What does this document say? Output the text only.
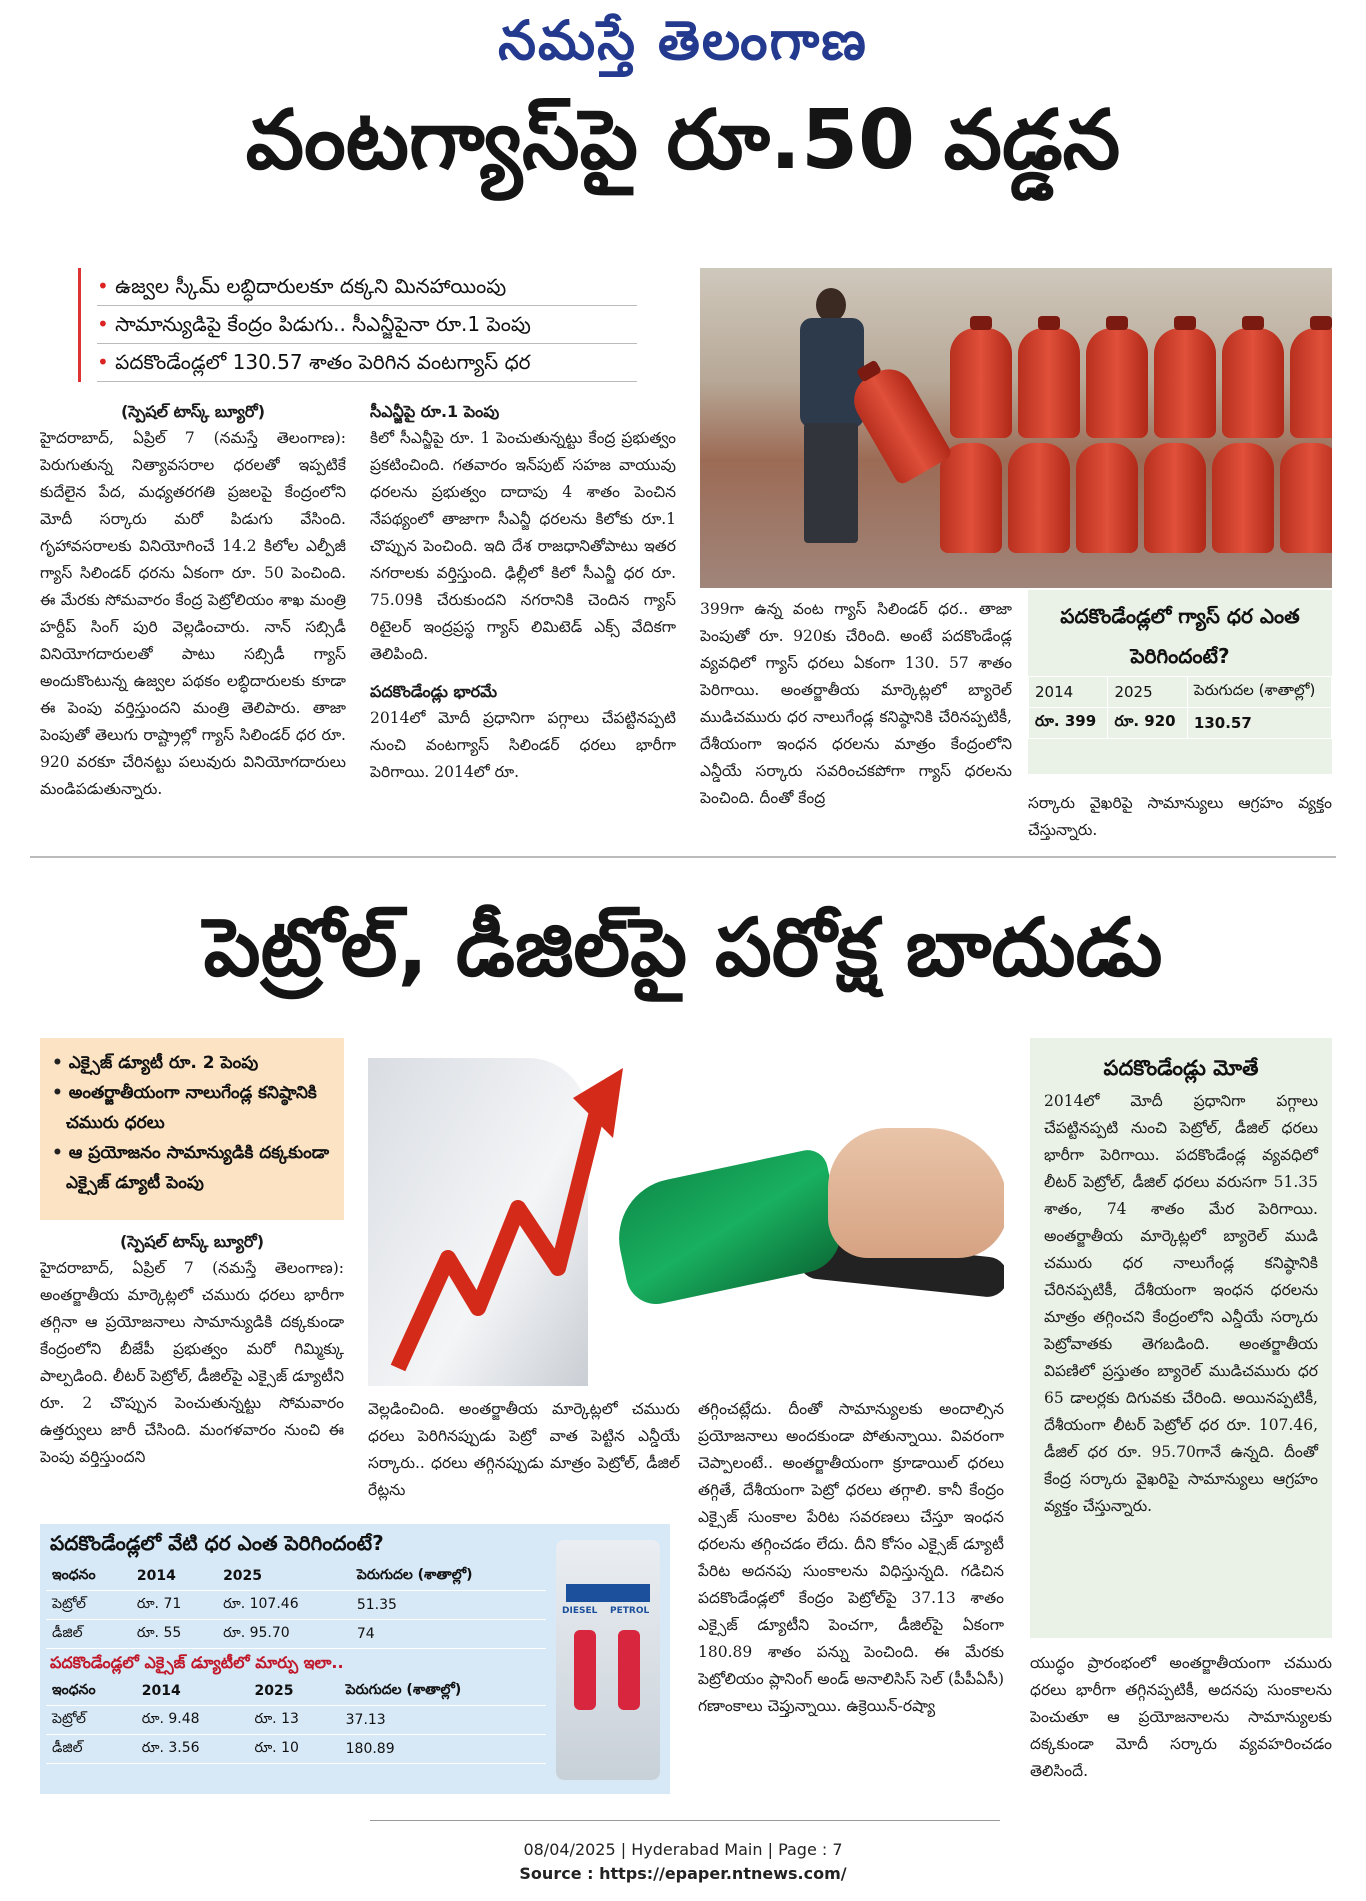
నమస్తే తెలంగాణ
వంటగ్యాస్‌పై రూ.50 వడ్డన
• ఉజ్వల స్కీమ్ లబ్ధిదారులకూ దక్కని మినహాయింపు
• సామాన్యుడిపై కేంద్రం పిడుగు.. సీఎన్జీపైనా రూ.1 పెంపు
• పదకొండేండ్లలో 130.57 శాతం పెరిగిన వంటగ్యాస్ ధర
(స్పెషల్ టాస్క్ బ్యూరో)

హైదరాబాద్, ఏప్రిల్ 7 (నమస్తే తెలంగాణ): పెరుగుతున్న నిత్యావసరాల ధరలతో ఇప్పటికే కుదేలైన పేద, మధ్యతరగతి ప్రజలపై కేంద్రంలోని మోదీ సర్కారు మరో పిడుగు వేసింది. గృహావసరాలకు వినియోగించే 14.2 కిలోల ఎల్పీజీ గ్యాస్ సిలిండర్ ధరను ఏకంగా రూ. 50 పెంచింది. ఈ మేరకు సోమవారం కేంద్ర పెట్రోలియం శాఖ మంత్రి హర్దీప్ సింగ్ పురి వెల్లడించారు. నాన్ సబ్సిడీ వినియోగదారులతో పాటు సబ్సిడీ గ్యాస్ అందుకొంటున్న ఉజ్వల పథకం లబ్ధిదారులకు కూడా ఈ పెంపు వర్తిస్తుందని మంత్రి తెలిపారు. తాజా పెంపుతో తెలుగు రాష్ట్రాల్లో గ్యాస్ సిలిండర్ ధర రూ. 920 వరకూ చేరినట్టు పలువురు వినియోగదారులు మండిపడుతున్నారు.

సీఎన్జీపై రూ.1 పెంపు

కిలో సీఎన్జీపై రూ. 1 పెంచుతున్నట్టు కేంద్ర ప్రభుత్వం ప్రకటించింది. గతవారం ఇన్‌పుట్ సహజ వాయువు ధరలను ప్రభుత్వం దాదాపు 4 శాతం పెంచిన నేపథ్యంలో తాజాగా సీఎన్జీ ధరలను కిలోకు రూ.1 చొప్పున పెంచింది. ఇది దేశ రాజధానితోపాటు ఇతర నగరాలకు వర్తిస్తుంది. ఢిల్లీలో కిలో సీఎన్జీ ధర రూ. 75.09కి చేరుకుందని నగరానికి చెందిన గ్యాస్ రిటైలర్ ఇంద్రప్రస్థ గ్యాస్ లిమిటెడ్ ఎక్స్ వేదికగా తెలిపింది.

పదకొండేండ్లు భారమే

2014లో మోదీ ప్రధానిగా పగ్గాలు చేపట్టినప్పటి నుంచి వంటగ్యాస్ సిలిండర్ ధరలు భారీగా పెరిగాయి. 2014లో రూ.

399గా ఉన్న వంట గ్యాస్ సిలిండర్ ధర.. తాజా పెంపుతో రూ. 920కు చేరింది. అంటే పదకొండేండ్ల వ్యవధిలో గ్యాస్ ధరలు ఏకంగా 130. 57 శాతం పెరిగాయి. అంతర్జాతీయ మార్కెట్లలో బ్యారెల్ ముడిచమురు ధర నాలుగేండ్ల కనిష్ఠానికి చేరినప్పటికీ, దేశీయంగా ఇంధన ధరలను మాత్రం కేంద్రంలోని ఎన్డీయే సర్కారు సవరించకపోగా గ్యాస్ ధరలను పెంచింది. దీంతో కేంద్ర

పదకొండేండ్లలో గ్యాస్ ధర ఎంత పెరిగిందంటే?
2014	2025	పెరుగుదల (శాతాల్లో)
రూ. 399	రూ. 920	130.57

సర్కారు వైఖరిపై సామాన్యులు ఆగ్రహం వ్యక్తం చేస్తున్నారు.

పెట్రోల్, డీజిల్‌పై పరోక్ష బాదుడు
• ఎక్సైజ్ డ్యూటీ రూ. 2 పెంపు
• అంతర్జాతీయంగా నాలుగేండ్ల కనిష్ఠానికి చమురు ధరలు
• ఆ ప్రయోజనం సామాన్యుడికి దక్కకుండా ఎక్సైజ్ డ్యూటీ పెంపు
(స్పెషల్ టాస్క్ బ్యూరో)

హైదరాబాద్, ఏప్రిల్ 7 (నమస్తే తెలంగాణ): అంతర్జాతీయ మార్కెట్లలో చమురు ధరలు భారీగా తగ్గినా ఆ ప్రయోజనాలు సామాన్యుడికి దక్కకుండా కేంద్రంలోని బీజేపీ ప్రభుత్వం మరో గిమ్మిక్కు పాల్పడింది. లీటర్ పెట్రోల్, డీజిల్‌పై ఎక్సైజ్ డ్యూటీని రూ. 2 చొప్పున పెంచుతున్నట్టు సోమవారం ఉత్తర్వులు జారీ చేసింది. మంగళవారం నుంచి ఈ పెంపు వర్తిస్తుందని

వెల్లడించింది. అంతర్జాతీయ మార్కెట్లలో చమురు ధరలు పెరిగినప్పుడు పెట్రో వాత పెట్టిన ఎన్డీయే సర్కారు.. ధరలు తగ్గినప్పుడు మాత్రం పెట్రోల్, డీజిల్ రేట్లను

తగ్గించట్లేదు. దీంతో సామాన్యులకు అందాల్సిన ప్రయోజనాలు అందకుండా పోతున్నాయి. వివరంగా చెప్పాలంటే.. అంతర్జాతీయంగా క్రూడాయిల్ ధరలు తగ్గితే, దేశీయంగా పెట్రో ధరలు తగ్గాలి. కానీ కేంద్రం ఎక్సైజ్ సుంకాల పేరిట సవరణలు చేస్తూ ఇంధన ధరలను తగ్గించడం లేదు. దీని కోసం ఎక్సైజ్ డ్యూటీ పేరిట అదనపు సుంకాలను విధిస్తున్నది. గడిచిన పదకొండేండ్లలో కేంద్రం పెట్రోల్‌పై 37.13 శాతం ఎక్సైజ్ డ్యూటీని పెంచగా, డీజిల్‌పై ఏకంగా 180.89 శాతం పన్ను పెంచింది. ఈ మేరకు పెట్రోలియం ప్లానింగ్ అండ్ అనాలిసిస్ సెల్ (పీపీఏసీ) గణాంకాలు చెప్తున్నాయి. ఉక్రెయిన్-రష్యా

పదకొండేండ్లు మోతే

2014లో మోదీ ప్రధానిగా పగ్గాలు చేపట్టినప్పటి నుంచి పెట్రోల్, డీజిల్ ధరలు భారీగా పెరిగాయి. పదకొండేండ్ల వ్యవధిలో లీటర్ పెట్రోల్, డీజిల్ ధరలు వరుసగా 51.35 శాతం, 74 శాతం మేర పెరిగాయి. అంతర్జాతీయ మార్కెట్లలో బ్యారెల్ ముడి చమురు ధర నాలుగేండ్ల కనిష్ఠానికి చేరినప్పటికీ, దేశీయంగా ఇంధన ధరలను మాత్రం తగ్గించని కేంద్రంలోని ఎన్డీయే సర్కారు పెట్రోవాతకు తెగబడింది. అంతర్జాతీయ విపణిలో ప్రస్తుతం బ్యారెల్ ముడిచమురు ధర 65 డాలర్లకు దిగువకు చేరింది. అయినప్పటికీ, దేశీయంగా లీటర్ పెట్రోల్ ధర రూ. 107.46, డీజిల్ ధర రూ. 95.70గానే ఉన్నది. దీంతో కేంద్ర సర్కారు వైఖరిపై సామాన్యులు ఆగ్రహం వ్యక్తం చేస్తున్నారు.

యుద్ధం ప్రారంభంలో అంతర్జాతీయంగా చమురు ధరలు భారీగా తగ్గినప్పటికీ, అదనపు సుంకాలను పెంచుతూ ఆ ప్రయోజనాలను సామాన్యులకు దక్కకుండా మోదీ సర్కారు వ్యవహరించడం తెలిసిందే.

పదకొండేండ్లలో వేటి ధర ఎంత పెరిగిందంటే?
ఇంధనం	2014	2025	పెరుగుదల (శాతాల్లో)
పెట్రోల్	రూ. 71	రూ. 107.46	51.35
డీజిల్	రూ. 55	రూ. 95.70	74
పదకొండేండ్లలో ఎక్సైజ్ డ్యూటీలో మార్పు ఇలా..
ఇంధనం	2014	2025	పెరుగుదల (శాతాల్లో)
పెట్రోల్	రూ. 9.48	రూ. 13	37.13
డీజిల్	రూ. 3.56	రూ. 10	180.89
DIESEL PETROL
08/04/2025 | Hyderabad Main | Page : 7
Source : https://epaper.ntnews.com/
